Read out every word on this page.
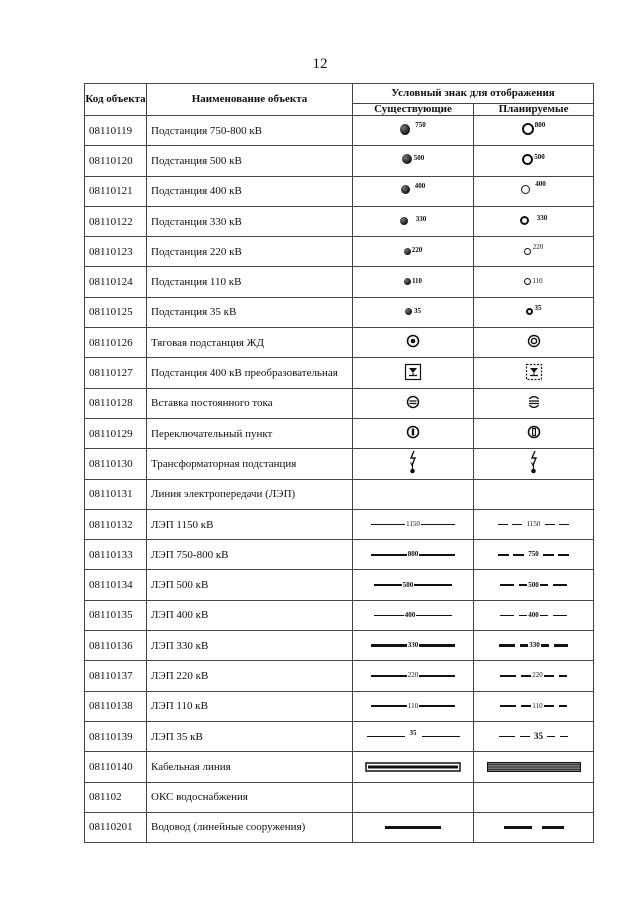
12
Код объекта	Наименование объекта	Условный знак для отображения	
		Существующие	Планируемые
08110119	Подстанция 750-800 кВ	750	800

08110120	Подстанция 500 кВ	500	500

08110121	Подстанция 400 кВ	400	400

08110122	Подстанция 330 кВ	330	330

08110123	Подстанция 220 кВ	220	220

08110124	Подстанция 110 кВ	110	110

08110125	Подстанция 35 кВ	35	35

08110126	Тяговая подстанция ЖД	

08110127	Подстанция 400 кВ преобразовательная	

08110128	Вставка постоянного тока	

08110129	Переключательный пункт	

08110130	Трансформаторная подстанция	

08110131	Линия электропередачи (ЛЭП)		
08110132	ЛЭП 1150 кВ	1150	1150

08110133	ЛЭП 750-800 кВ	800	750

08110134	ЛЭП 500 кВ	500	500

08110135	ЛЭП 400 кВ	400	400

08110136	ЛЭП 330 кВ	330	330

08110137	ЛЭП 220 кВ	220	220

08110138	ЛЭП 110 кВ	110	110

08110139	ЛЭП 35 кВ	35	35

08110140	Кабельная линия	

081102	ОКС водоснабжения		
08110201	Водовод (линейные сооружения)	
